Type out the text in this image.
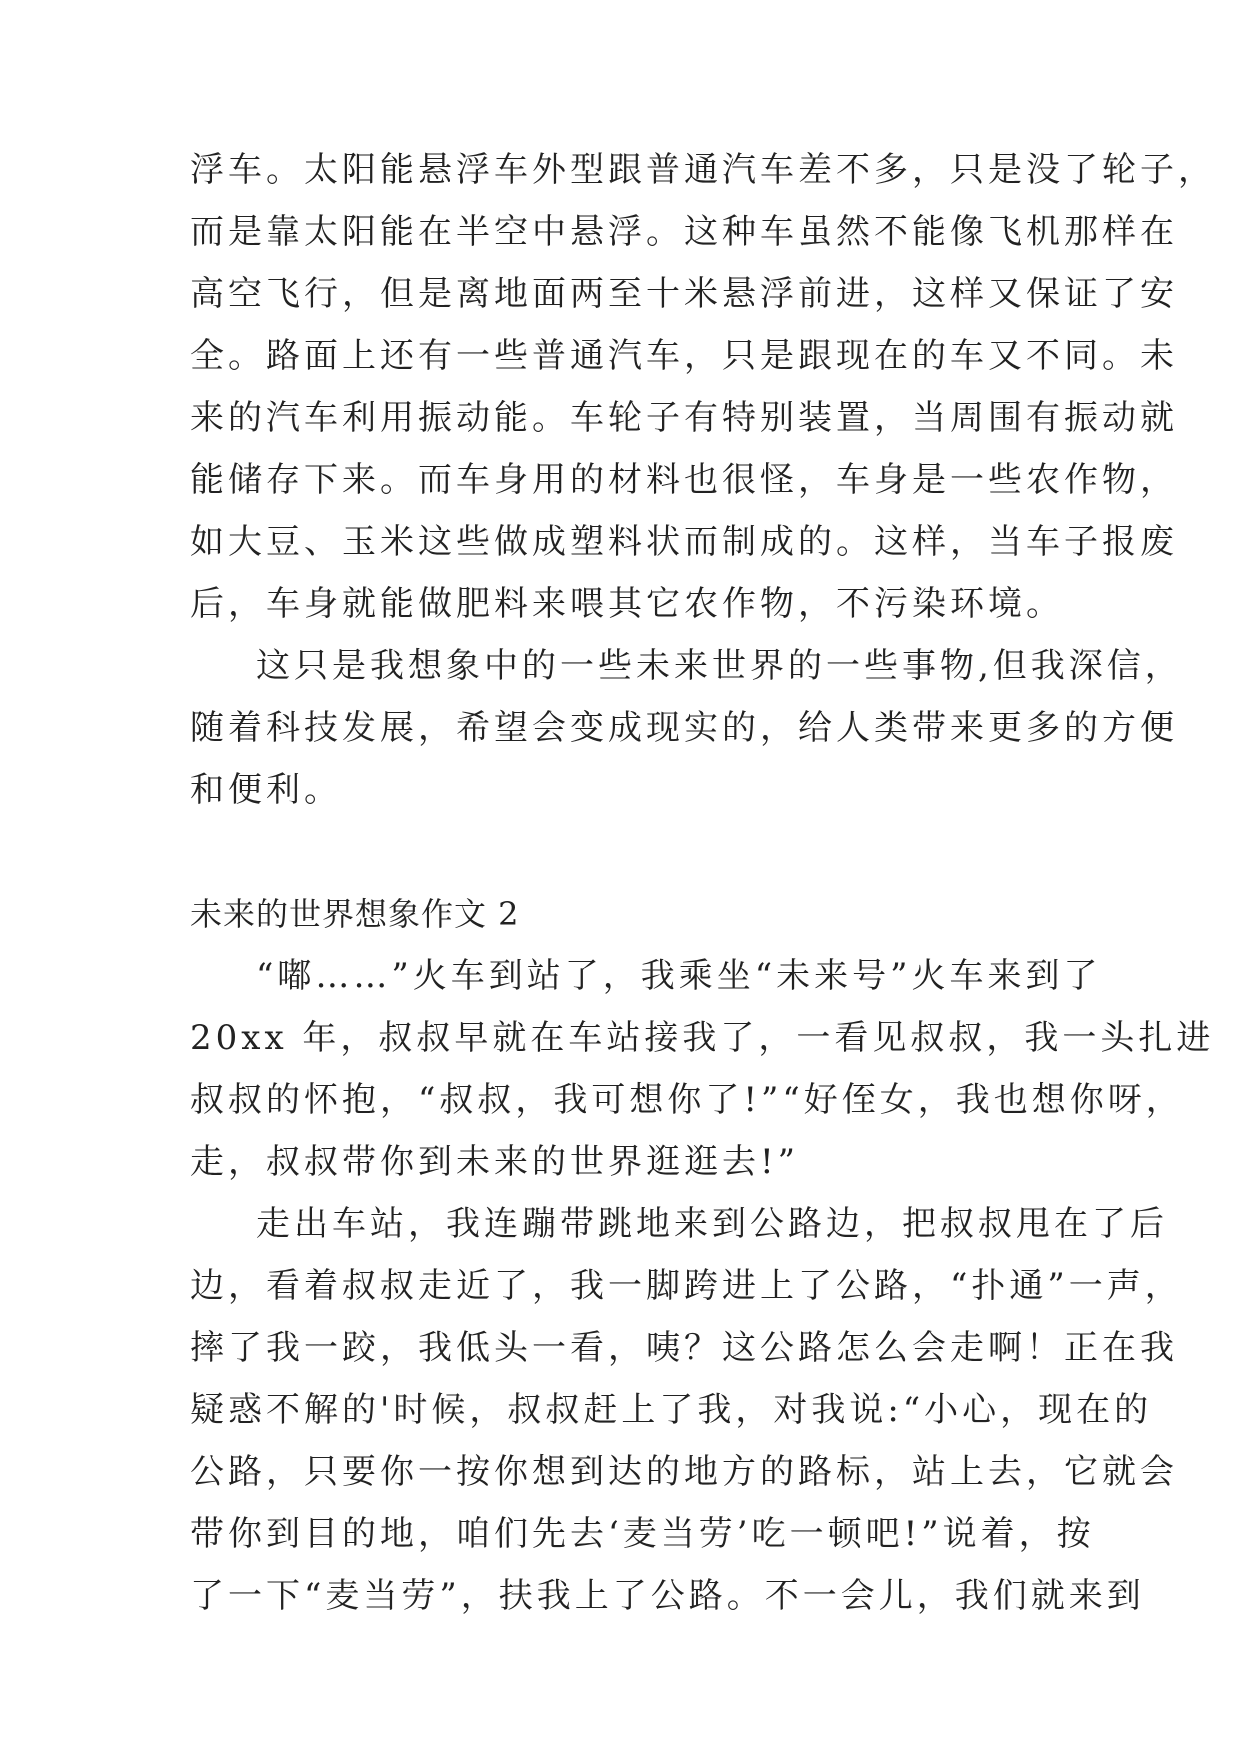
浮车。太阳能悬浮车外型跟普通汽车差不多，只是没了轮子，
而是靠太阳能在半空中悬浮。这种车虽然不能像飞机那样在
高空飞行，但是离地面两至十米悬浮前进，这样又保证了安
全。路面上还有一些普通汽车，只是跟现在的车又不同。未
来的汽车利用振动能。车轮子有特别装置，当周围有振动就
能储存下来。而车身用的材料也很怪，车身是一些农作物，
如大豆、玉米这些做成塑料状而制成的。这样，当车子报废
后，车身就能做肥料来喂其它农作物，不污染环境。
这只是我想象中的一些未来世界的一些事物,但我深信，
随着科技发展，希望会变成现实的，给人类带来更多的方便
和便利。
未来的世界想象作文 2
“嘟……”火车到站了，我乘坐“未来号”火车来到了
20xx 年，叔叔早就在车站接我了，一看见叔叔，我一头扎进
叔叔的怀抱，“叔叔，我可想你了!”“好侄女，我也想你呀，
走，叔叔带你到未来的世界逛逛去!”
走出车站，我连蹦带跳地来到公路边，把叔叔甩在了后
边，看着叔叔走近了，我一脚跨进上了公路，“扑通”一声，
摔了我一跤，我低头一看，咦？这公路怎么会走啊！正在我
疑惑不解的'时候，叔叔赶上了我，对我说:“小心，现在的
公路，只要你一按你想到达的地方的路标，站上去，它就会
带你到目的地，咱们先去‘麦当劳’吃一顿吧!”说着，按
了一下“麦当劳”，扶我上了公路。不一会儿，我们就来到
